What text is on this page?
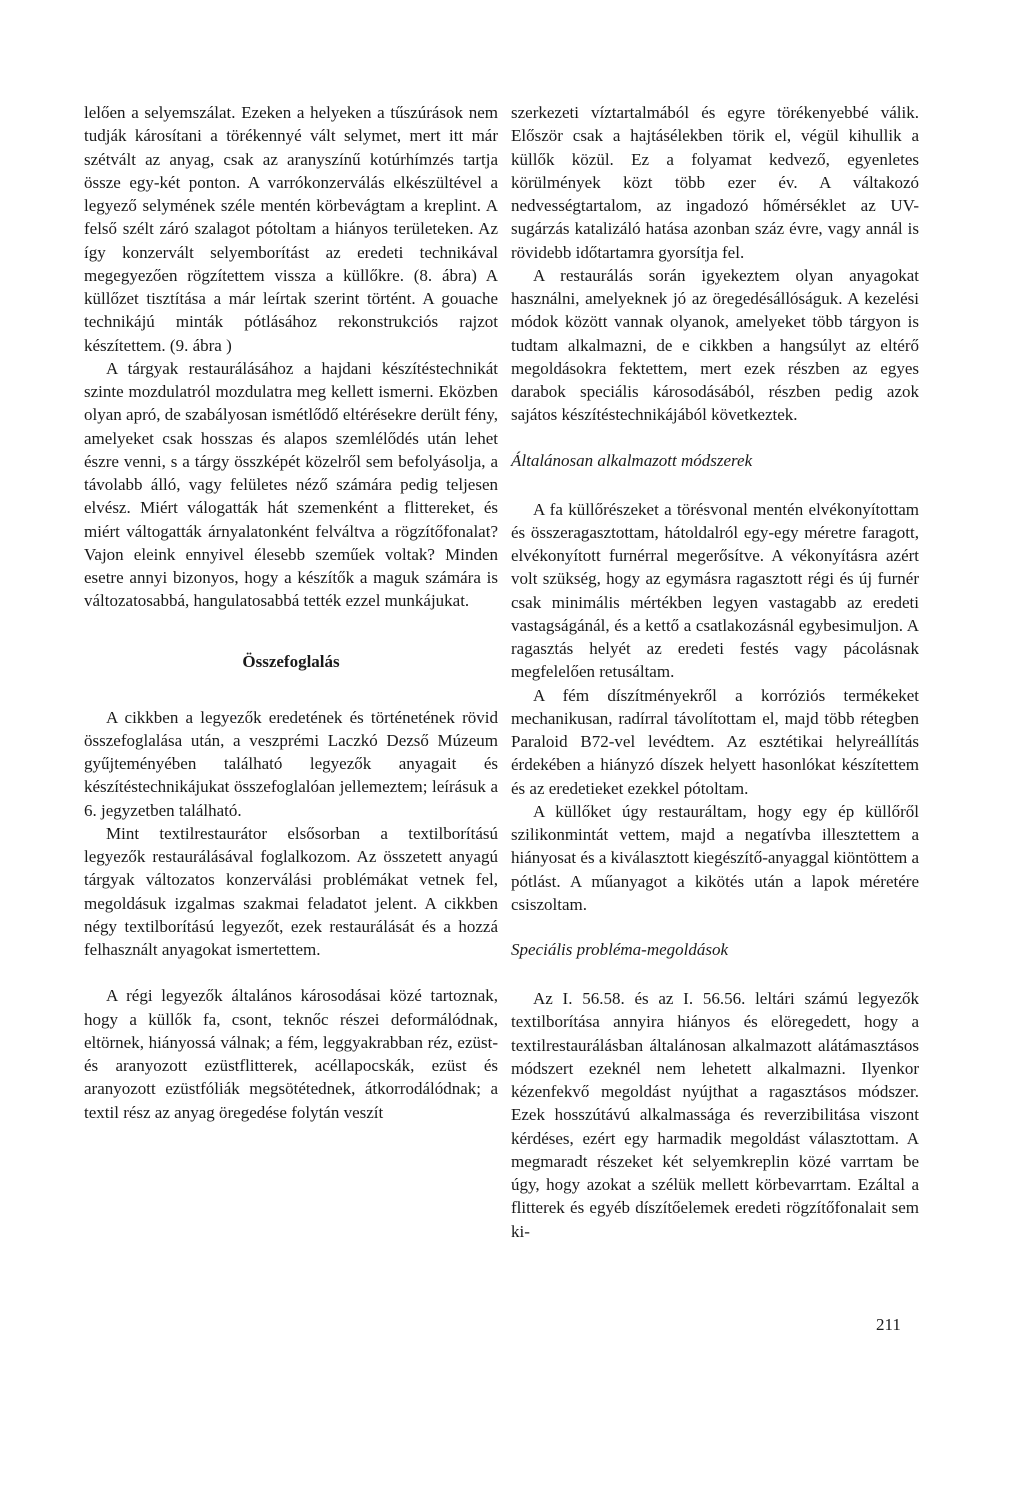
lelően a selyemszálat. Ezeken a helyeken a tűszúrások nem tudják károsítani a törékennyé vált selymet, mert itt már szétvált az anyag, csak az aranyszínű kotúrhímzés tartja össze egy-két ponton. A varrókonzerválás elkészültével a legyező selymének széle mentén körbevágtam a kreplint. A felső szélt záró szalagot pótoltam a hiányos területeken. Az így konzervált selyemborítást az eredeti technikával megegyezően rögzítettem vissza a küllőkre. (8. ábra) A küllőzet tisztítása a már leírtak szerint történt. A gouache technikájú minták pótlásához rekonstrukciós rajzot készítettem. (9. ábra )

A tárgyak restaurálásához a hajdani készítéstechnikát szinte mozdulatról mozdulatra meg kellett ismerni. Eközben olyan apró, de szabályosan ismétlődő eltérésekre derült fény, amelyeket csak hosszas és alapos szemlélődés után lehet észre venni, s a tárgy összképét közelről sem befolyásolja, a távolabb álló, vagy felületes néző számára pedig teljesen elvész. Miért válogatták hát szemenként a flittereket, és miért váltogatták árnyalatonként felváltva a rögzítőfonalat? Vajon eleink ennyivel élesebb szeműek voltak? Minden esetre annyi bizonyos, hogy a készítők a maguk számára is változatosabbá, hangulatosabbá tették ezzel munkájukat.

Összefoglalás

A cikkben a legyezők eredetének és történetének rövid összefoglalása után, a veszprémi Laczkó Dezső Múzeum gyűjteményében található legyezők anyagait és készítéstechnikájukat összefoglalóan jellemeztem; leírásuk a 6. jegyzetben található.

Mint textilrestaurátor elsősorban a textilborítású legyezők restaurálásával foglalkozom. Az összetett anyagú tárgyak változatos konzerválási problémákat vetnek fel, megoldásuk izgalmas szakmai feladatot jelent. A cikkben négy textilborítású legyezőt, ezek restaurálását és a hozzá felhasznált anyagokat ismertettem.

A régi legyezők általános károsodásai közé tartoznak, hogy a küllők fa, csont, teknőc részei deformálódnak, eltörnek, hiányossá válnak; a fém, leggyakrabban réz, ezüst- és aranyozott ezüstflitterek, acéllapocskák, ezüst és aranyozott ezüstfóliák megsötétednek, átkorrodálódnak; a textil rész az anyag öregedése folytán veszít

szerkezeti víztartalmából és egyre törékenyebbé válik. Először csak a hajtásélekben törik el, végül kihullik a küllők közül. Ez a folyamat kedvező, egyenletes körülmények közt több ezer év. A váltakozó nedvességtartalom, az ingadozó hőmérséklet az UV-sugárzás katalizáló hatása azonban száz évre, vagy annál is rövidebb időtartamra gyorsítja fel.

A restaurálás során igyekeztem olyan anyagokat használni, amelyeknek jó az öregedésállóságuk. A kezelési módok között vannak olyanok, amelyeket több tárgyon is tudtam alkalmazni, de e cikkben a hangsúlyt az eltérő megoldásokra fektettem, mert ezek részben az egyes darabok speciális károsodásából, részben pedig azok sajátos készítéstechnikájából következtek.

Általánosan alkalmazott módszerek

A fa küllőrészeket a törésvonal mentén elvékonyítottam és összeragasztottam, hátoldalról egy-egy méretre faragott, elvékonyított furnérral megerősítve. A vékonyításra azért volt szükség, hogy az egymásra ragasztott régi és új furnér csak minimális mértékben legyen vastagabb az eredeti vastagságánál, és a kettő a csatlakozásnál egybesimuljon. A ragasztás helyét az eredeti festés vagy pácolásnak megfelelően retusáltam.

A fém díszítményekről a korróziós termékeket mechanikusan, radírral távolítottam el, majd több rétegben Paraloid B72-vel levédtem. Az esztétikai helyreállítás érdekében a hiányzó díszek helyett hasonlókat készítettem és az eredetieket ezekkel pótoltam.

A küllőket úgy restauráltam, hogy egy ép küllőről szilikonmintát vettem, majd a negatívba illesztettem a hiányosat és a kiválasztott kiegészítő-anyaggal kiöntöttem a pótlást. A műanyagot a kikötés után a lapok méretére csiszoltam.

Speciális probléma-megoldások

Az I. 56.58. és az I. 56.56. leltári számú legyezők textilborítása annyira hiányos és elöregedett, hogy a textilrestaurálásban általánosan alkalmazott alátámasztásos módszert ezeknél nem lehetett alkalmazni. Ilyenkor kézenfekvő megoldást nyújthat a ragasztásos módszer. Ezek hosszútávú alkalmassága és reverzibilitása viszont kérdéses, ezért egy harmadik megoldást választottam. A megmaradt részeket két selyemkreplin közé varrtam be úgy, hogy azokat a szélük mellett körbevarrtam. Ezáltal a flitterek és egyéb díszítőelemek eredeti rögzítőfonalait sem ki-

211
